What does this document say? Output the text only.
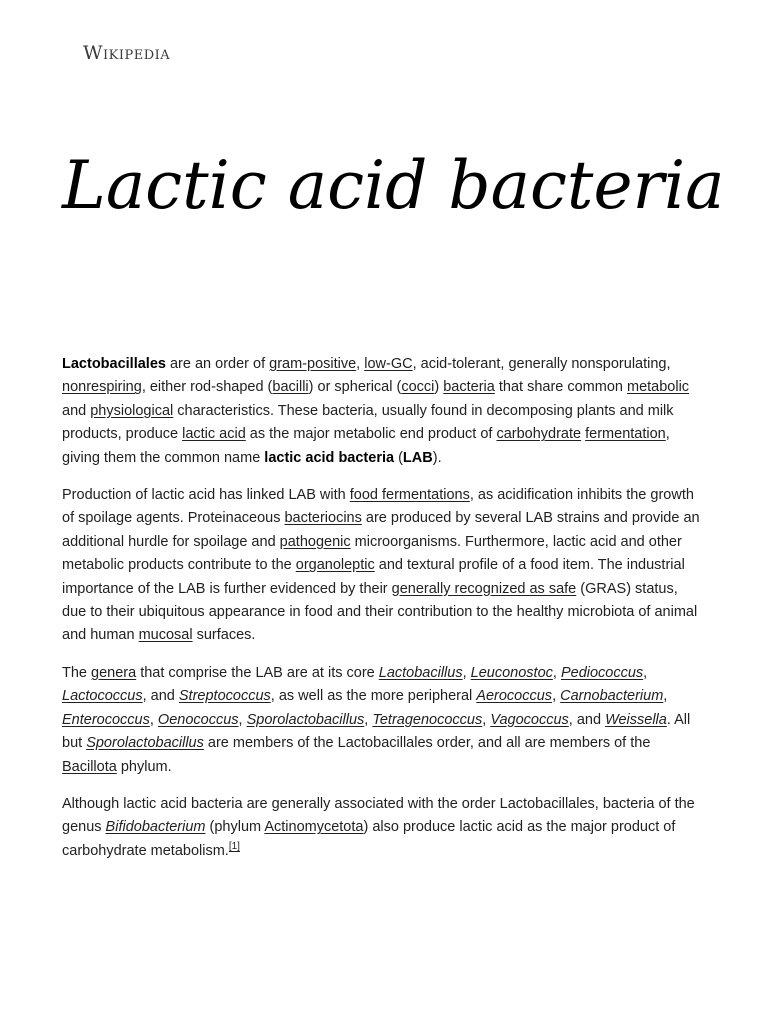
Wikipedia
Lactic acid bacteria

Lactobacillales are an order of gram-positive, low-GC, acid-tolerant, generally nonsporulating, nonrespiring, either rod-shaped (bacilli) or spherical (cocci) bacteria that share common metabolic and physiological characteristics. These bacteria, usually found in decomposing plants and milk products, produce lactic acid as the major metabolic end product of carbohydrate fermentation, giving them the common name lactic acid bacteria (LAB).

Production of lactic acid has linked LAB with food fermentations, as acidification inhibits the growth of spoilage agents. Proteinaceous bacteriocins are produced by several LAB strains and provide an additional hurdle for spoilage and pathogenic microorganisms. Furthermore, lactic acid and other metabolic products contribute to the organoleptic and textural profile of a food item. The industrial importance of the LAB is further evidenced by their generally recognized as safe (GRAS) status, due to their ubiquitous appearance in food and their contribution to the healthy microbiota of animal and human mucosal surfaces.

The genera that comprise the LAB are at its core Lactobacillus, Leuconostoc, Pediococcus, Lactococcus, and Streptococcus, as well as the more peripheral Aerococcus, Carnobacterium, Enterococcus, Oenococcus, Sporolactobacillus, Tetragenococcus, Vagococcus, and Weissella. All but Sporolactobacillus are members of the Lactobacillales order, and all are members of the Bacillota phylum.

Although lactic acid bacteria are generally associated with the order Lactobacillales, bacteria of the genus Bifidobacterium (phylum Actinomycetota) also produce lactic acid as the major product of carbohydrate metabolism.[1]
